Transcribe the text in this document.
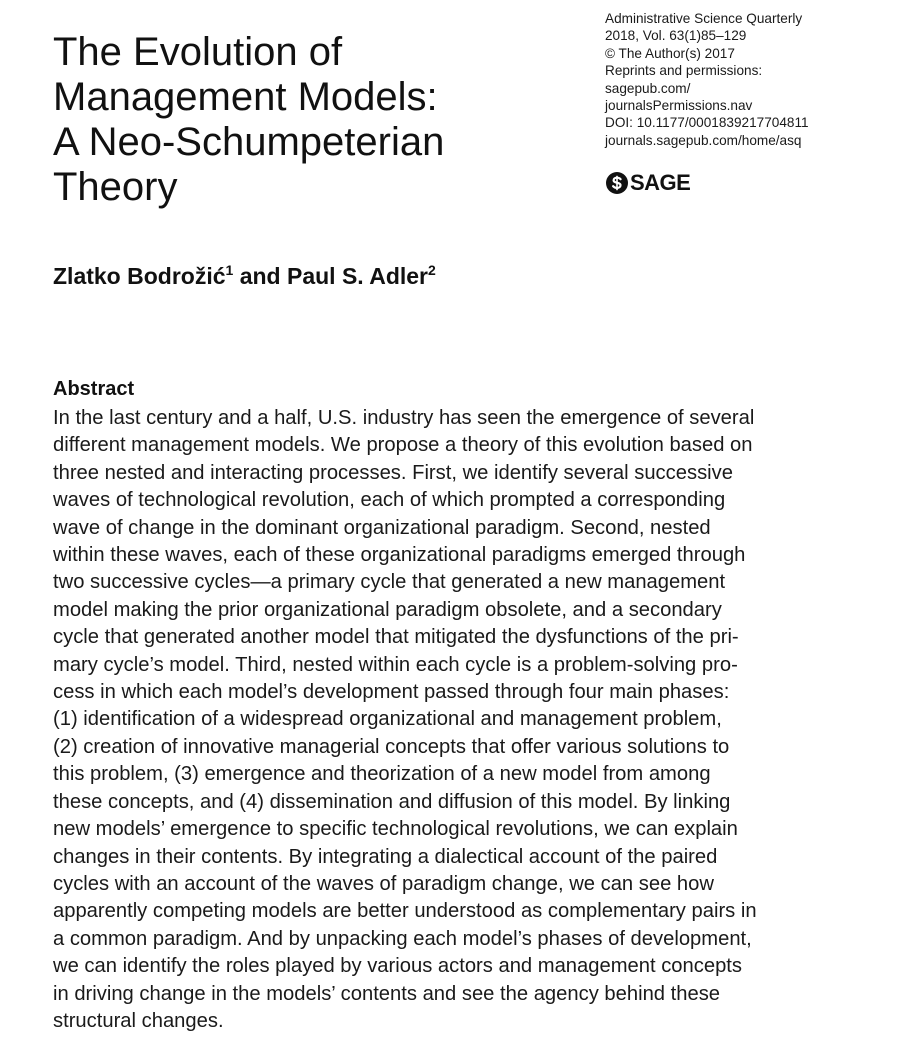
The Evolution of
Management Models:
A Neo-Schumpeterian
Theory
Administrative Science Quarterly
2018, Vol. 63(1)85–129
© The Author(s) 2017
Reprints and permissions:
sagepub.com/
journalsPermissions.nav
DOI: 10.1177/0001839217704811
journals.sagepub.com/home/asq
SAGE
Zlatko Bodrožić$^1$ and Paul S. Adler$^2$
Abstract
In the last century and a half, U.S. industry has seen the emergence of several
different management models. We propose a theory of this evolution based on
three nested and interacting processes. First, we identify several successive
waves of technological revolution, each of which prompted a corresponding
wave of change in the dominant organizational paradigm. Second, nested
within these waves, each of these organizational paradigms emerged through
two successive cycles—a primary cycle that generated a new management
model making the prior organizational paradigm obsolete, and a secondary
cycle that generated another model that mitigated the dysfunctions of the pri-
mary cycle’s model. Third, nested within each cycle is a problem-solving pro-
cess in which each model’s development passed through four main phases:
(1) identification of a widespread organizational and management problem,
(2) creation of innovative managerial concepts that offer various solutions to
this problem, (3) emergence and theorization of a new model from among
these concepts, and (4) dissemination and diffusion of this model. By linking
new models’ emergence to specific technological revolutions, we can explain
changes in their contents. By integrating a dialectical account of the paired
cycles with an account of the waves of paradigm change, we can see how
apparently competing models are better understood as complementary pairs in
a common paradigm. And by unpacking each model’s phases of development,
we can identify the roles played by various actors and management concepts
in driving change in the models’ contents and see the agency behind these
structural changes.
